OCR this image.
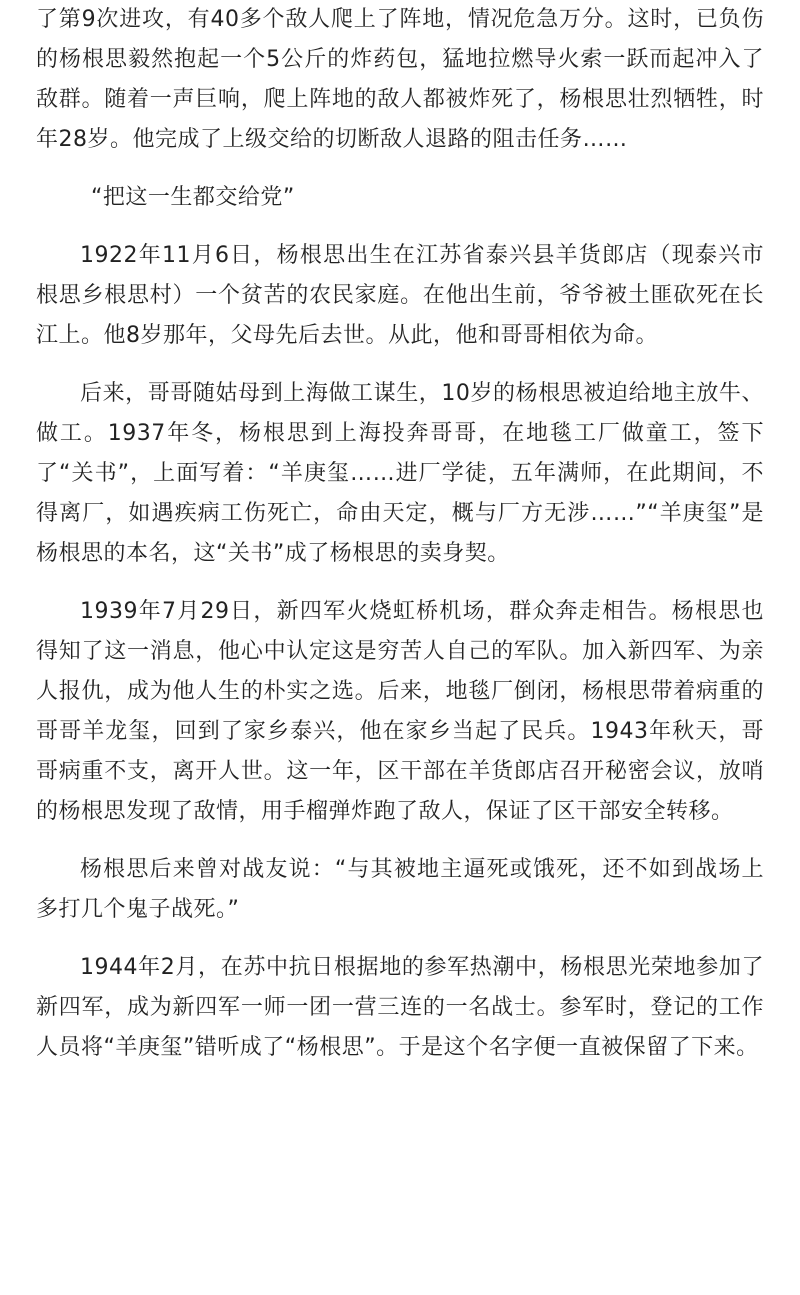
了第9次进攻，有40多个敌人爬上了阵地，情况危急万分。这时，已负伤的杨根思毅然抱起一个5公斤的炸药包，猛地拉燃导火索一跃而起冲入了敌群。随着一声巨响，爬上阵地的敌人都被炸死了，杨根思壮烈牺牲，时年28岁。他完成了上级交给的切断敌人退路的阻击任务……

“把这一生都交给党”

1922年11月6日，杨根思出生在江苏省泰兴县羊货郎店（现泰兴市根思乡根思村）一个贫苦的农民家庭。在他出生前，爷爷被土匪砍死在长江上。他8岁那年，父母先后去世。从此，他和哥哥相依为命。

后来，哥哥随姑母到上海做工谋生，10岁的杨根思被迫给地主放牛、做工。1937年冬，杨根思到上海投奔哥哥，在地毯工厂做童工，签下了“关书”，上面写着：“羊庚玺……进厂学徒，五年满师，在此期间，不得离厂，如遇疾病工伤死亡，命由天定，概与厂方无涉……”“羊庚玺”是杨根思的本名，这“关书”成了杨根思的卖身契。

1939年7月29日，新四军火烧虹桥机场，群众奔走相告。杨根思也得知了这一消息，他心中认定这是穷苦人自己的军队。加入新四军、为亲人报仇，成为他人生的朴实之选。后来，地毯厂倒闭，杨根思带着病重的哥哥羊龙玺，回到了家乡泰兴，他在家乡当起了民兵。1943年秋天，哥哥病重不支，离开人世。这一年，区干部在羊货郎店召开秘密会议，放哨的杨根思发现了敌情，用手榴弹炸跑了敌人，保证了区干部安全转移。

杨根思后来曾对战友说：“与其被地主逼死或饿死，还不如到战场上多打几个鬼子战死。”

1944年2月，在苏中抗日根据地的参军热潮中，杨根思光荣地参加了新四军，成为新四军一师一团一营三连的一名战士。参军时，登记的工作人员将“羊庚玺”错听成了“杨根思”。于是这个名字便一直被保留了下来。
